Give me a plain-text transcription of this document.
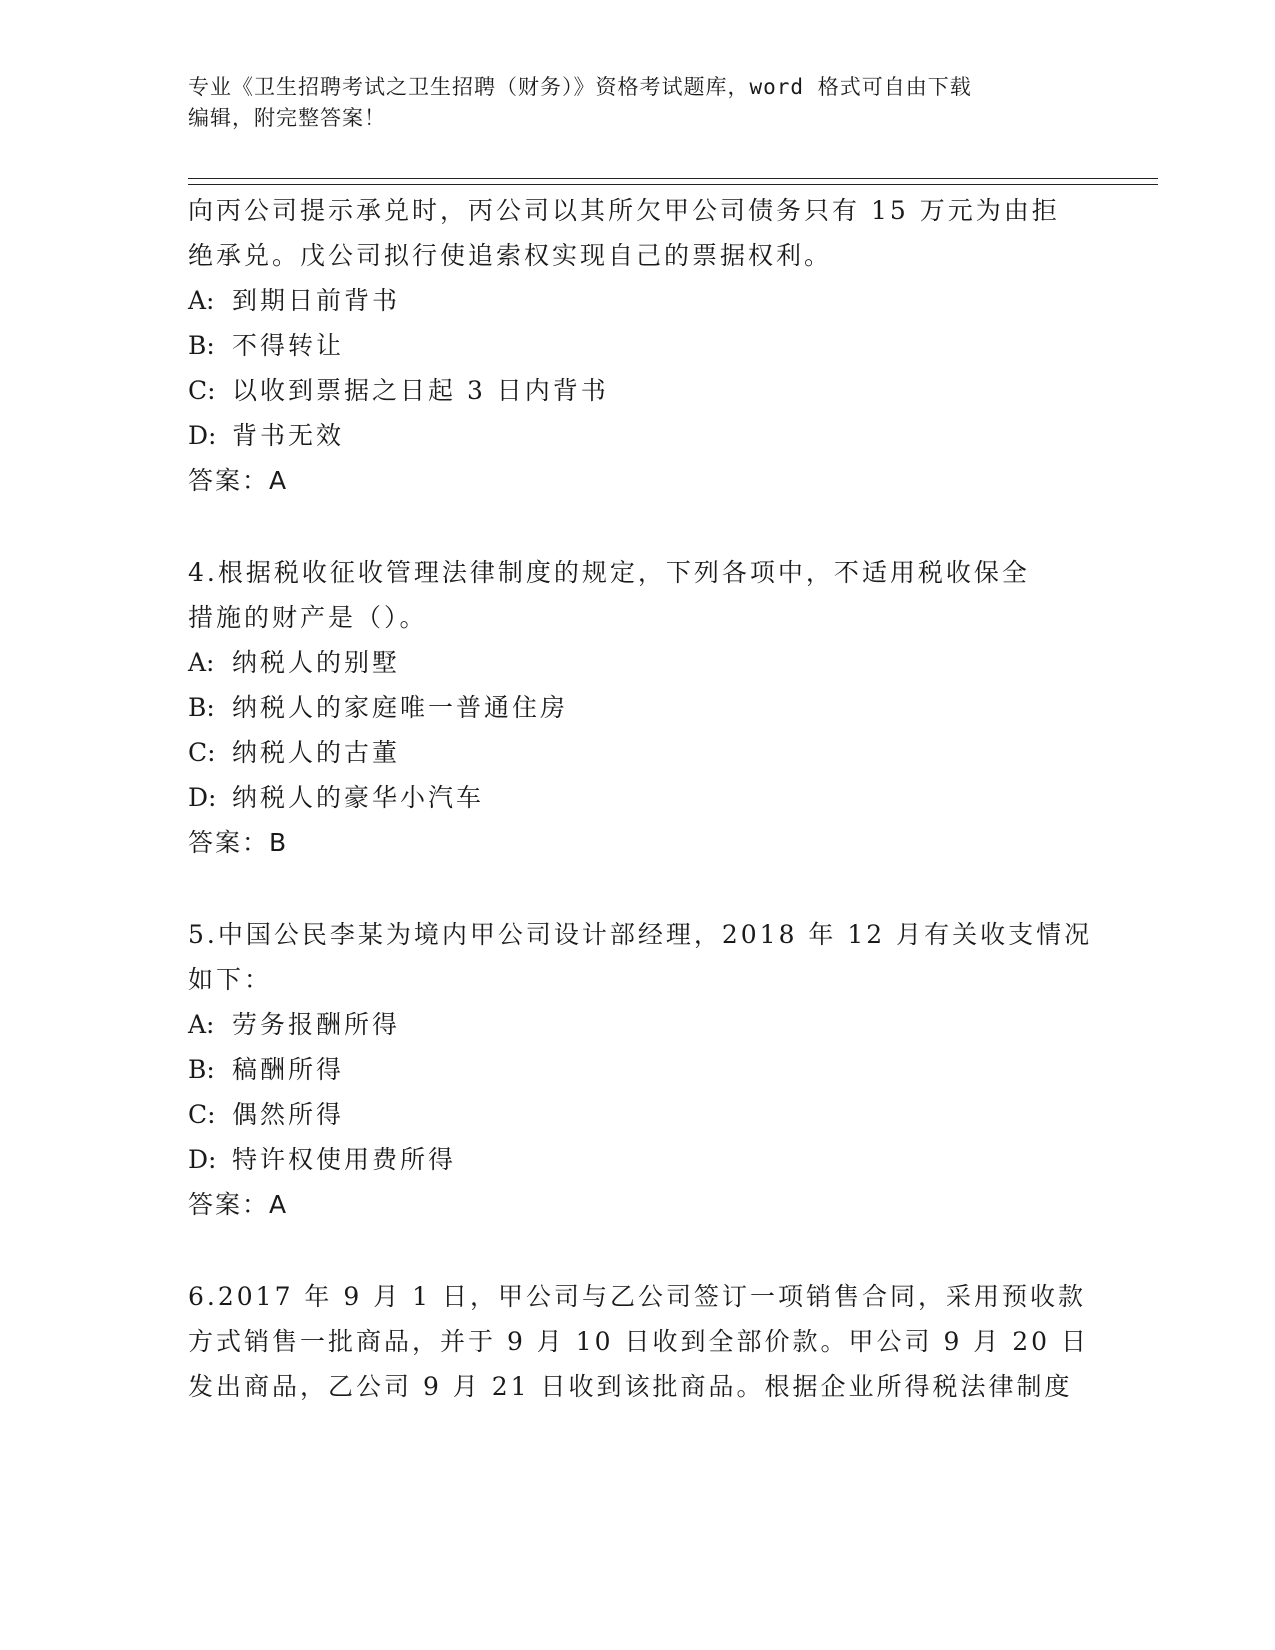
专业《卫生招聘考试之卫生招聘（财务）》资格考试题库，word 格式可自由下载
编辑，附完整答案！
向丙公司提示承兑时，丙公司以其所欠甲公司债务只有 15 万元为由拒
绝承兑。戊公司拟行使追索权实现自己的票据权利。
A: 到期日前背书
B: 不得转让
C: 以收到票据之日起 3 日内背书
D: 背书无效
答案：A
4.根据税收征收管理法律制度的规定，下列各项中，不适用税收保全
措施的财产是（）。
A: 纳税人的别墅
B: 纳税人的家庭唯一普通住房
C: 纳税人的古董
D: 纳税人的豪华小汽车
答案：B
5.中国公民李某为境内甲公司设计部经理，2018 年 12 月有关收支情况
如下：
A: 劳务报酬所得
B: 稿酬所得
C: 偶然所得
D: 特许权使用费所得
答案：A
6.2017 年 9 月 1 日，甲公司与乙公司签订一项销售合同，采用预收款
方式销售一批商品，并于 9 月 10 日收到全部价款。甲公司 9 月 20 日
发出商品，乙公司 9 月 21 日收到该批商品。根据企业所得税法律制度
